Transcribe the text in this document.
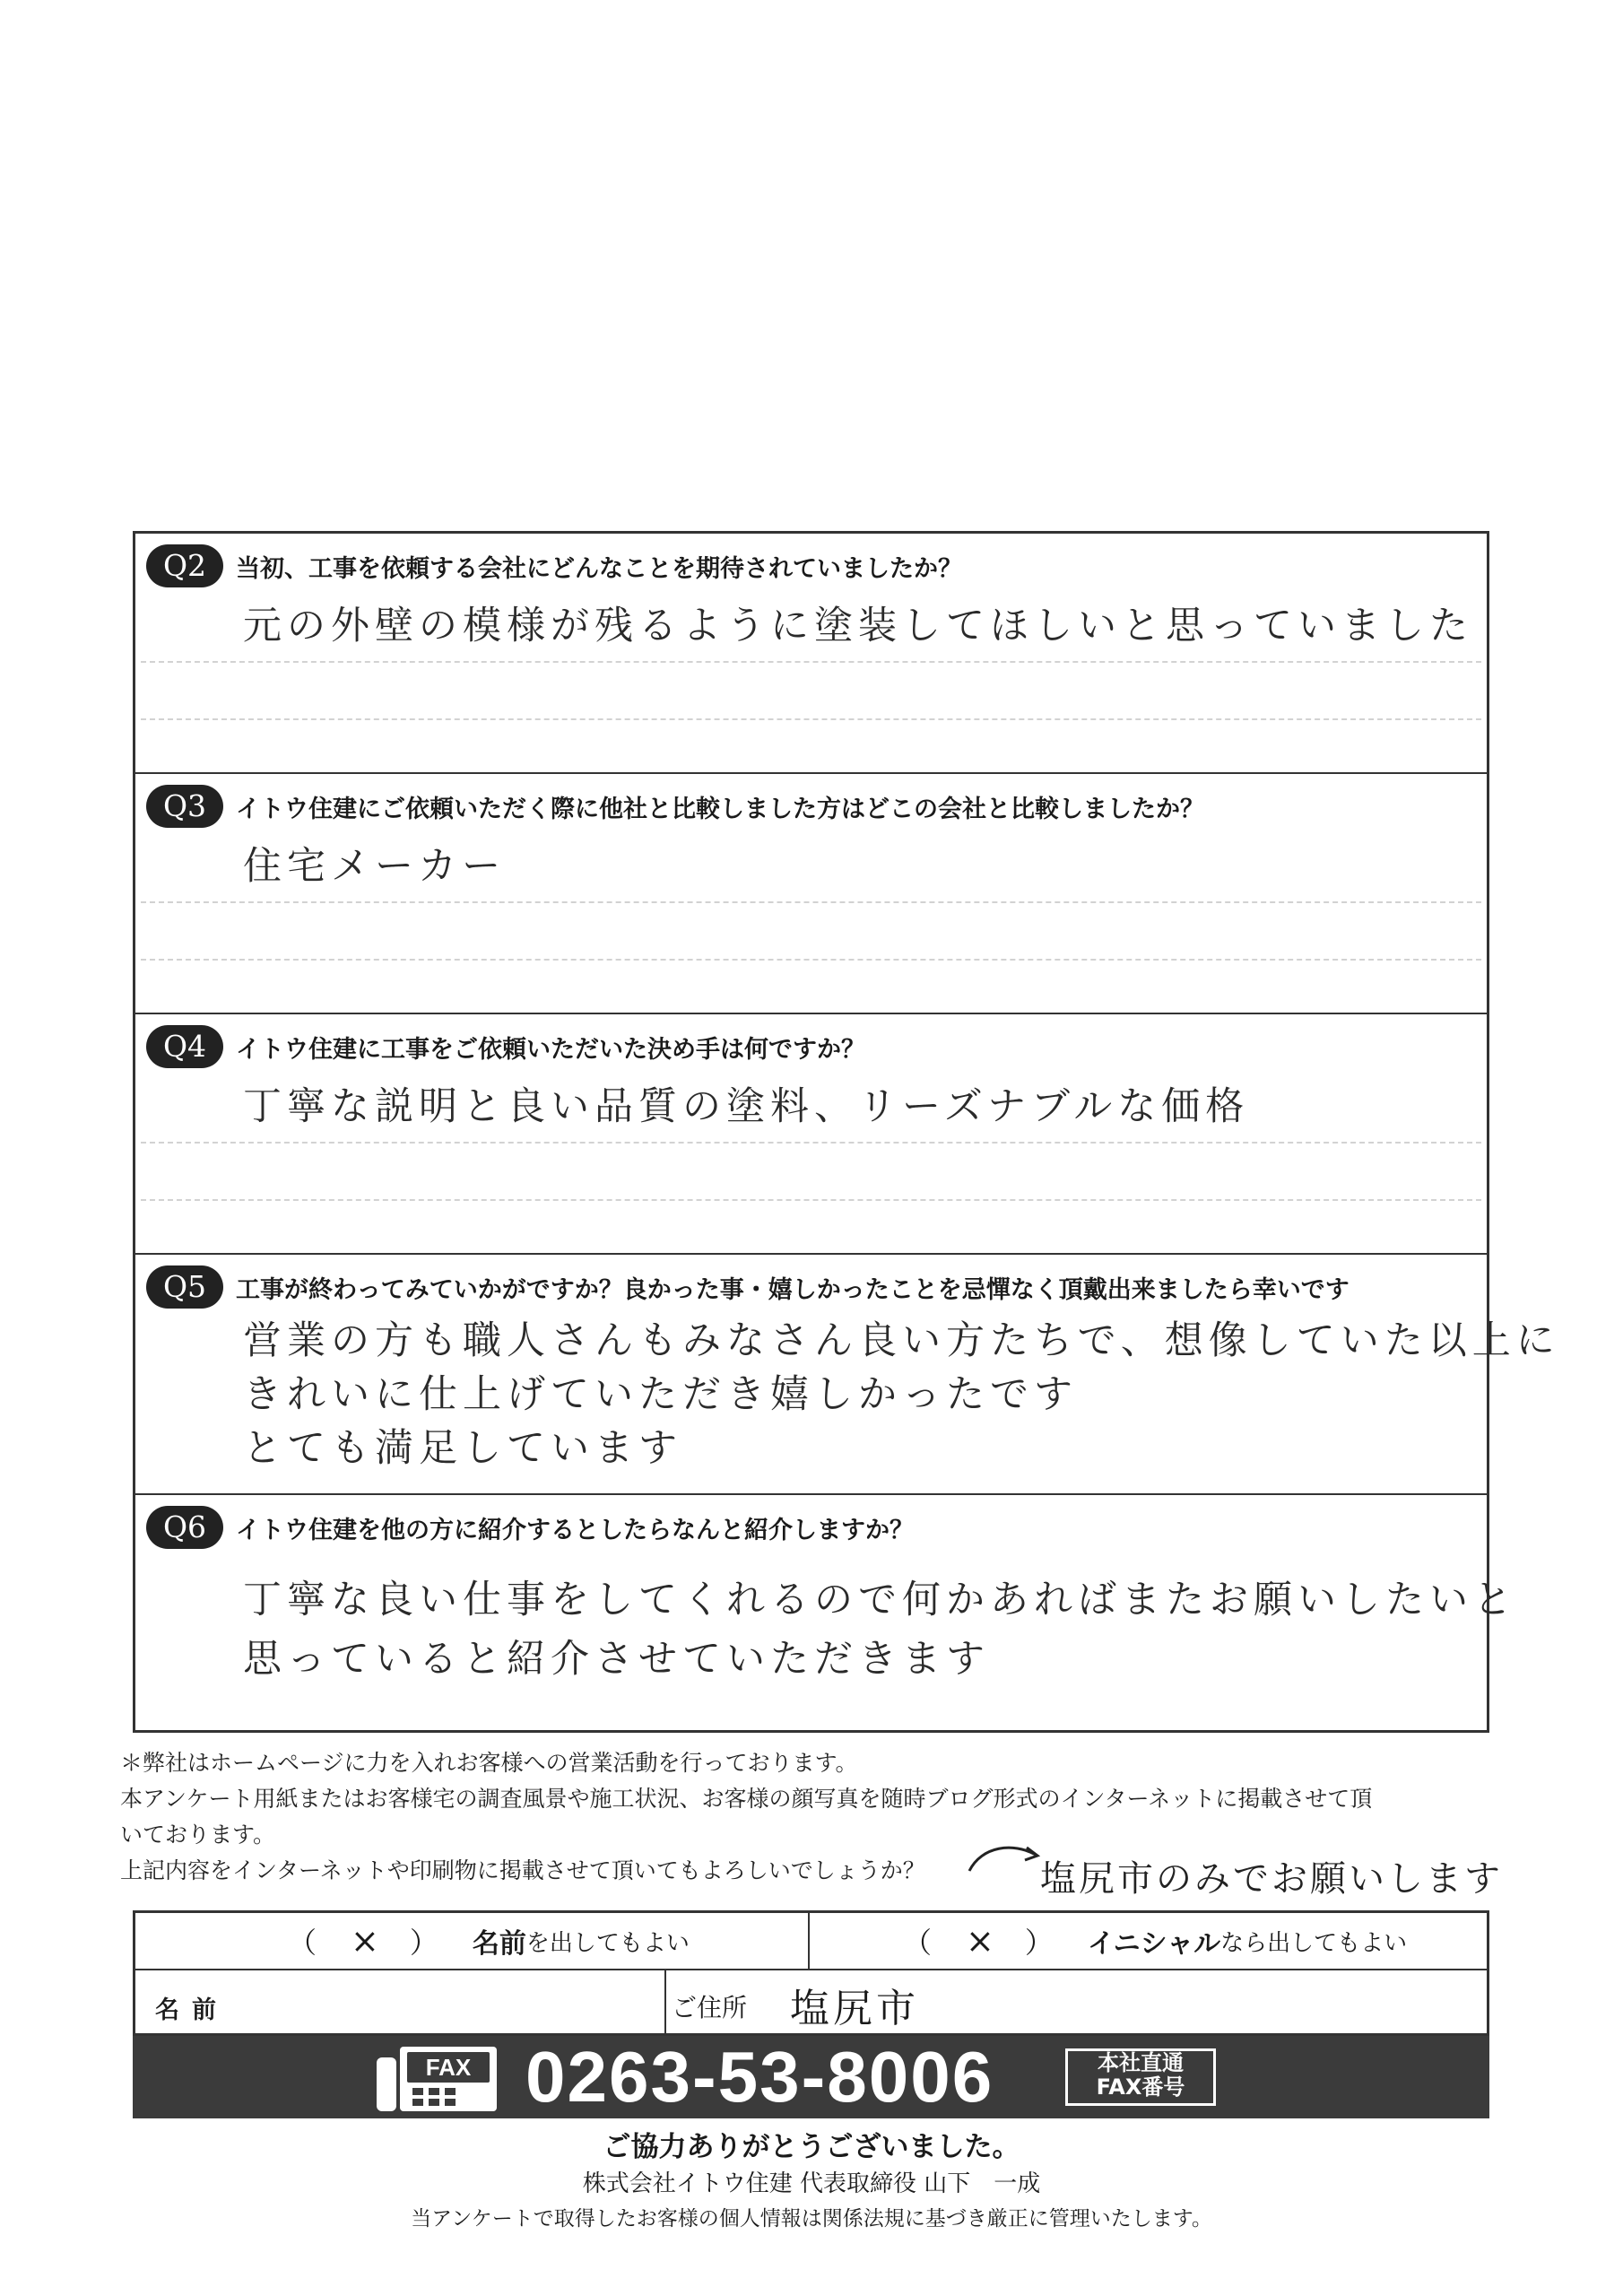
Q2	当初、工事を依頼する会社にどんなことを期待されていましたか？
元の外壁の模様が残るように塗装してほしいと思っていました
Q3	イトウ住建にご依頼いただく際に他社と比較しました方はどこの会社と比較しましたか？
住宅メーカー
Q4	イトウ住建に工事をご依頼いただいた決め手は何ですか？
丁寧な説明と良い品質の塗料、リーズナブルな価格
Q5	工事が終わってみていかがですか？良かった事・嬉しかったことを忌憚なく頂戴出来ましたら幸いです
営業の方も職人さんもみなさん良い方たちで、想像していた以上に
きれいに仕上げていただき嬉しかったです
とても満足しています
Q6	イトウ住建を他の方に紹介するとしたらなんと紹介しますか？
丁寧な良い仕事をしてくれるので何かあればまたお願いしたいと
思っていると紹介させていただきます

＊弊社はホームページに力を入れお客様への営業活動を行っております。

本アンケート用紙またはお客様宅の調査風景や施工状況、お客様の顔写真を随時ブログ形式のインターネットに掲載させて頂

いております。

上記内容をインターネットや印刷物に掲載させて頂いてもよろしいでしょうか？	塩尻市のみでお願いします
（ × ） 名前 を出してもよい	（ × ） イニシャル なら出してもよい
名前	ご住所 塩尻市
FAX 0263-53-8006	本社直通
FAX番号
ご協力ありがとうございました。
株式会社イトウ住建 代表取締役 山下　一成
当アンケートで取得したお客様の個人情報は関係法規に基づき厳正に管理いたします。
